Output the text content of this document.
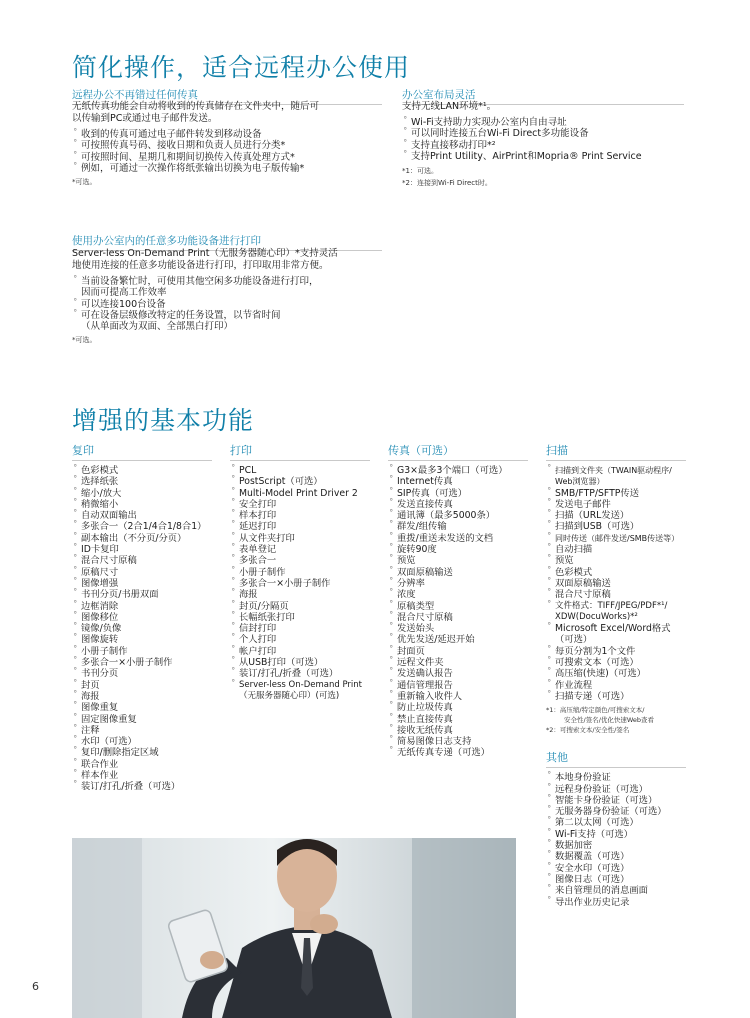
简化操作，适合远程办公使用
远程办公不再错过任何传真
无纸传真功能会自动将收到的传真储存在文件夹中，随后可
以传输到PC或通过电子邮件发送。
˚ 收到的传真可通过电子邮件转发到移动设备
˚ 可按照传真号码、接收日期和负责人员进行分类*
˚ 可按照时间、星期几和期间切换传入传真处理方式*
˚ 例如，可通过一次操作将纸张输出切换为电子版传输*
*可选。
办公室布局灵活
支持无线LAN环境*¹。
˚ Wi-Fi支持助力实现办公室内自由寻址
˚ 可以同时连接五台Wi-Fi Direct多功能设备
˚ 支持直接移动打印*²
˚ 支持Print Utility、AirPrint和Mopria® Print Service
*1：可选。
*2：连接到Wi-Fi Direct时。
使用办公室内的任意多功能设备进行打印
Server-less On-Demand Print（无服务器随心印）*支持灵活
地使用连接的任意多功能设备进行打印，打印取用非常方便。
˚ 当前设备繁忙时，可使用其他空闲多功能设备进行打印，
因而可提高工作效率
˚ 可以连接100台设备
˚ 可在设备层级修改特定的任务设置，以节省时间
（从单面改为双面、全部黑白打印）
*可选。
增强的基本功能
复印
˚ 色彩模式
˚ 选择纸张
˚ 缩小/放大
˚ 稍微缩小
˚ 自动双面输出
˚ 多张合一（2合1/4合1/8合1）
˚ 副本输出（不分页/分页）
˚ ID卡复印
˚ 混合尺寸原稿
˚ 原稿尺寸
˚ 图像增强
˚ 书刊分页/书册双面
˚ 边框消除
˚ 图像移位
˚ 镜像/负像
˚ 图像旋转
˚ 小册子制作
˚ 多张合一×小册子制作
˚ 书刊分页
˚ 封页
˚ 海报
˚ 图像重复
˚ 固定图像重复
˚ 注释
˚ 水印（可选）
˚ 复印/删除指定区域
˚ 联合作业
˚ 样本作业
˚ 装订/打孔/折叠（可选）
打印
˚ PCL
˚ PostScript（可选）
˚ Multi-Model Print Driver 2
˚ 安全打印
˚ 样本打印
˚ 延迟打印
˚ 从文件夹打印
˚ 表单登记
˚ 多张合一
˚ 小册子制作
˚ 多张合一×小册子制作
˚ 海报
˚ 封页/分隔页
˚ 长幅纸张打印
˚ 信封打印
˚ 个人打印
˚ 帐户打印
˚ 从USB打印（可选）
˚ 装订/打孔/折叠（可选）
˚ Server-less On-Demand Print
（无服务器随心印）(可选)
传真（可选）
˚ G3×最多3个端口（可选）
˚ Internet传真
˚ SIP传真（可选）
˚ 发送直接传真
˚ 通讯簿（最多5000条）
˚ 群发/组传输
˚ 重拨/重送未发送的文档
˚ 旋转90度
˚ 预览
˚ 双面原稿输送
˚ 分辨率
˚ 浓度
˚ 原稿类型
˚ 混合尺寸原稿
˚ 发送始头
˚ 优先发送/延迟开始
˚ 封面页
˚ 远程文件夹
˚ 发送确认报告
˚ 通信管理报告
˚ 重新输入收件人
˚ 防止垃圾传真
˚ 禁止直接传真
˚ 接收无纸传真
˚ 简易图像日志支持
˚ 无纸传真专递（可选）
扫描
˚ 扫描到文件夹（TWAIN驱动程序/
Web浏览器）
˚ SMB/FTP/SFTP传送
˚ 发送电子邮件
˚ 扫描（URL发送）
˚ 扫描到USB（可选）
˚ 同时传送（邮件发送/SMB传送等）
˚ 自动扫描
˚ 预览
˚ 色彩模式
˚ 双面原稿输送
˚ 混合尺寸原稿
˚ 文件格式：TIFF/JPEG/PDF*¹/
XDW(DocuWorks)*²
˚ Microsoft Excel/Word格式
（可选）
˚ 每页分割为1个文件
˚ 可搜索文本（可选）
˚ 高压缩(快速)（可选）
˚ 作业流程
˚ 扫描专递（可选）
*1：高压缩/特定颜色/可搜索文本/
安全性/签名/优化快速Web查看
*2：可搜索文本/安全性/签名
其他
˚ 本地身份验证
˚ 远程身份验证（可选）
˚ 智能卡身份验证（可选）
˚ 无服务器身份验证（可选）
˚ 第二以太网（可选）
˚ Wi-Fi支持（可选）
˚ 数据加密
˚ 数据覆盖（可选）
˚ 安全水印（可选）
˚ 图像日志（可选）
˚ 来自管理员的消息画面
˚ 导出作业历史记录
6
